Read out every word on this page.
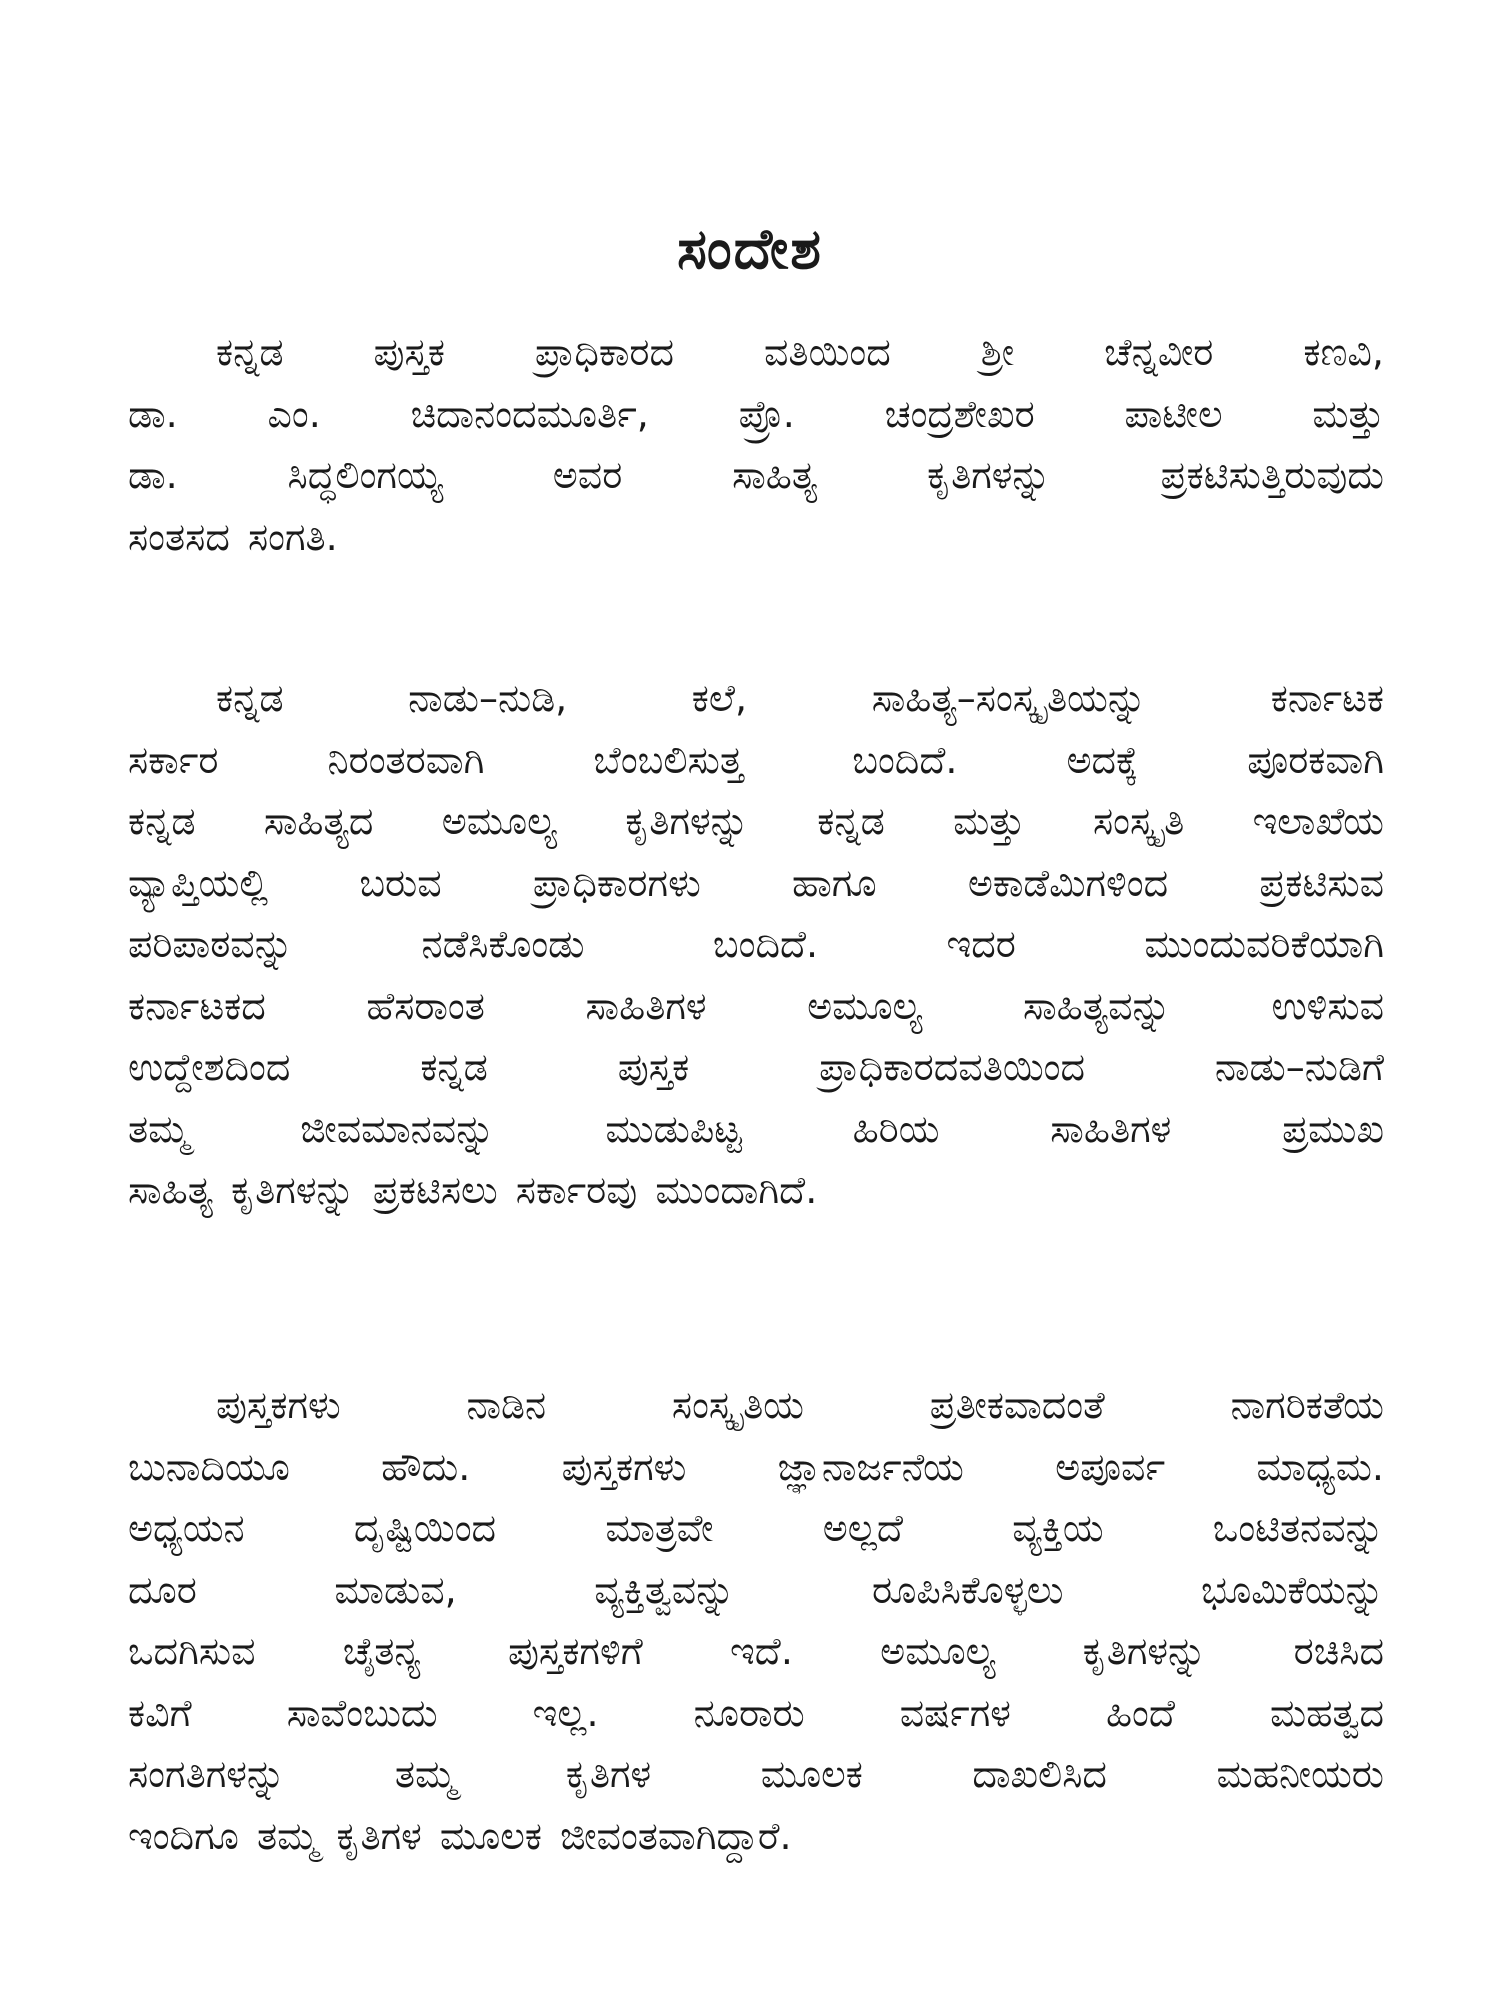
ಸಂದೇಶ
ಕನ್ನಡ ಪುಸ್ತಕ ಪ್ರಾಧಿಕಾರದ ವತಿಯಿಂದ ಶ್ರೀ ಚೆನ್ನವೀರ ಕಣವಿ,
ಡಾ. ಎಂ. ಚಿದಾನಂದಮೂರ್ತಿ, ಪ್ರೊ. ಚಂದ್ರಶೇಖರ ಪಾಟೀಲ ಮತ್ತು
ಡಾ. ಸಿದ್ಧಲಿಂಗಯ್ಯ ಅವರ ಸಾಹಿತ್ಯ ಕೃತಿಗಳನ್ನು ಪ್ರಕಟಿಸುತ್ತಿರುವುದು
ಸಂತಸದ ಸಂಗತಿ.
ಕನ್ನಡ ನಾಡು–ನುಡಿ, ಕಲೆ, ಸಾಹಿತ್ಯ–ಸಂಸ್ಕೃತಿಯನ್ನು ಕರ್ನಾಟಕ
ಸರ್ಕಾರ ನಿರಂತರವಾಗಿ ಬೆಂಬಲಿಸುತ್ತ ಬಂದಿದೆ. ಅದಕ್ಕೆ ಪೂರಕವಾಗಿ
ಕನ್ನಡ ಸಾಹಿತ್ಯದ ಅಮೂಲ್ಯ ಕೃತಿಗಳನ್ನು ಕನ್ನಡ ಮತ್ತು ಸಂಸ್ಕೃತಿ ಇಲಾಖೆಯ
ವ್ಯಾಪ್ತಿಯಲ್ಲಿ ಬರುವ ಪ್ರಾಧಿಕಾರಗಳು ಹಾಗೂ ಅಕಾಡೆಮಿಗಳಿಂದ ಪ್ರಕಟಿಸುವ
ಪರಿಪಾಠವನ್ನು ನಡೆಸಿಕೊಂಡು ಬಂದಿದೆ. ಇದರ ಮುಂದುವರಿಕೆಯಾಗಿ
ಕರ್ನಾಟಕದ ಹೆಸರಾಂತ ಸಾಹಿತಿಗಳ ಅಮೂಲ್ಯ ಸಾಹಿತ್ಯವನ್ನು ಉಳಿಸುವ
ಉದ್ದೇಶದಿಂದ ಕನ್ನಡ ಪುಸ್ತಕ ಪ್ರಾಧಿಕಾರದವತಿಯಿಂದ ನಾಡು–ನುಡಿಗೆ
ತಮ್ಮ ಜೀವಮಾನವನ್ನು ಮುಡುಪಿಟ್ಟ ಹಿರಿಯ ಸಾಹಿತಿಗಳ ಪ್ರಮುಖ
ಸಾಹಿತ್ಯ ಕೃತಿಗಳನ್ನು ಪ್ರಕಟಿಸಲು ಸರ್ಕಾರವು ಮುಂದಾಗಿದೆ.
ಪುಸ್ತಕಗಳು ನಾಡಿನ ಸಂಸ್ಕೃತಿಯ ಪ್ರತೀಕವಾದಂತೆ ನಾಗರಿಕತೆಯ
ಬುನಾದಿಯೂ ಹೌದು. ಪುಸ್ತಕಗಳು ಜ್ಞಾನಾರ್ಜನೆಯ ಅಪೂರ್ವ ಮಾಧ್ಯಮ.
ಅಧ್ಯಯನ ದೃಷ್ಟಿಯಿಂದ ಮಾತ್ರವೇ ಅಲ್ಲದೆ ವ್ಯಕ್ತಿಯ ಒಂಟಿತನವನ್ನು
ದೂರ ಮಾಡುವ, ವ್ಯಕ್ತಿತ್ವವನ್ನು ರೂಪಿಸಿಕೊಳ್ಳಲು ಭೂಮಿಕೆಯನ್ನು
ಒದಗಿಸುವ ಚೈತನ್ಯ ಪುಸ್ತಕಗಳಿಗೆ ಇದೆ. ಅಮೂಲ್ಯ ಕೃತಿಗಳನ್ನು ರಚಿಸಿದ
ಕವಿಗೆ ಸಾವೆಂಬುದು ಇಲ್ಲ. ನೂರಾರು ವರ್ಷಗಳ ಹಿಂದೆ ಮಹತ್ವದ
ಸಂಗತಿಗಳನ್ನು ತಮ್ಮ ಕೃತಿಗಳ ಮೂಲಕ ದಾಖಲಿಸಿದ ಮಹನೀಯರು
ಇಂದಿಗೂ ತಮ್ಮ ಕೃತಿಗಳ ಮೂಲಕ ಜೀವಂತವಾಗಿದ್ದಾರೆ.
